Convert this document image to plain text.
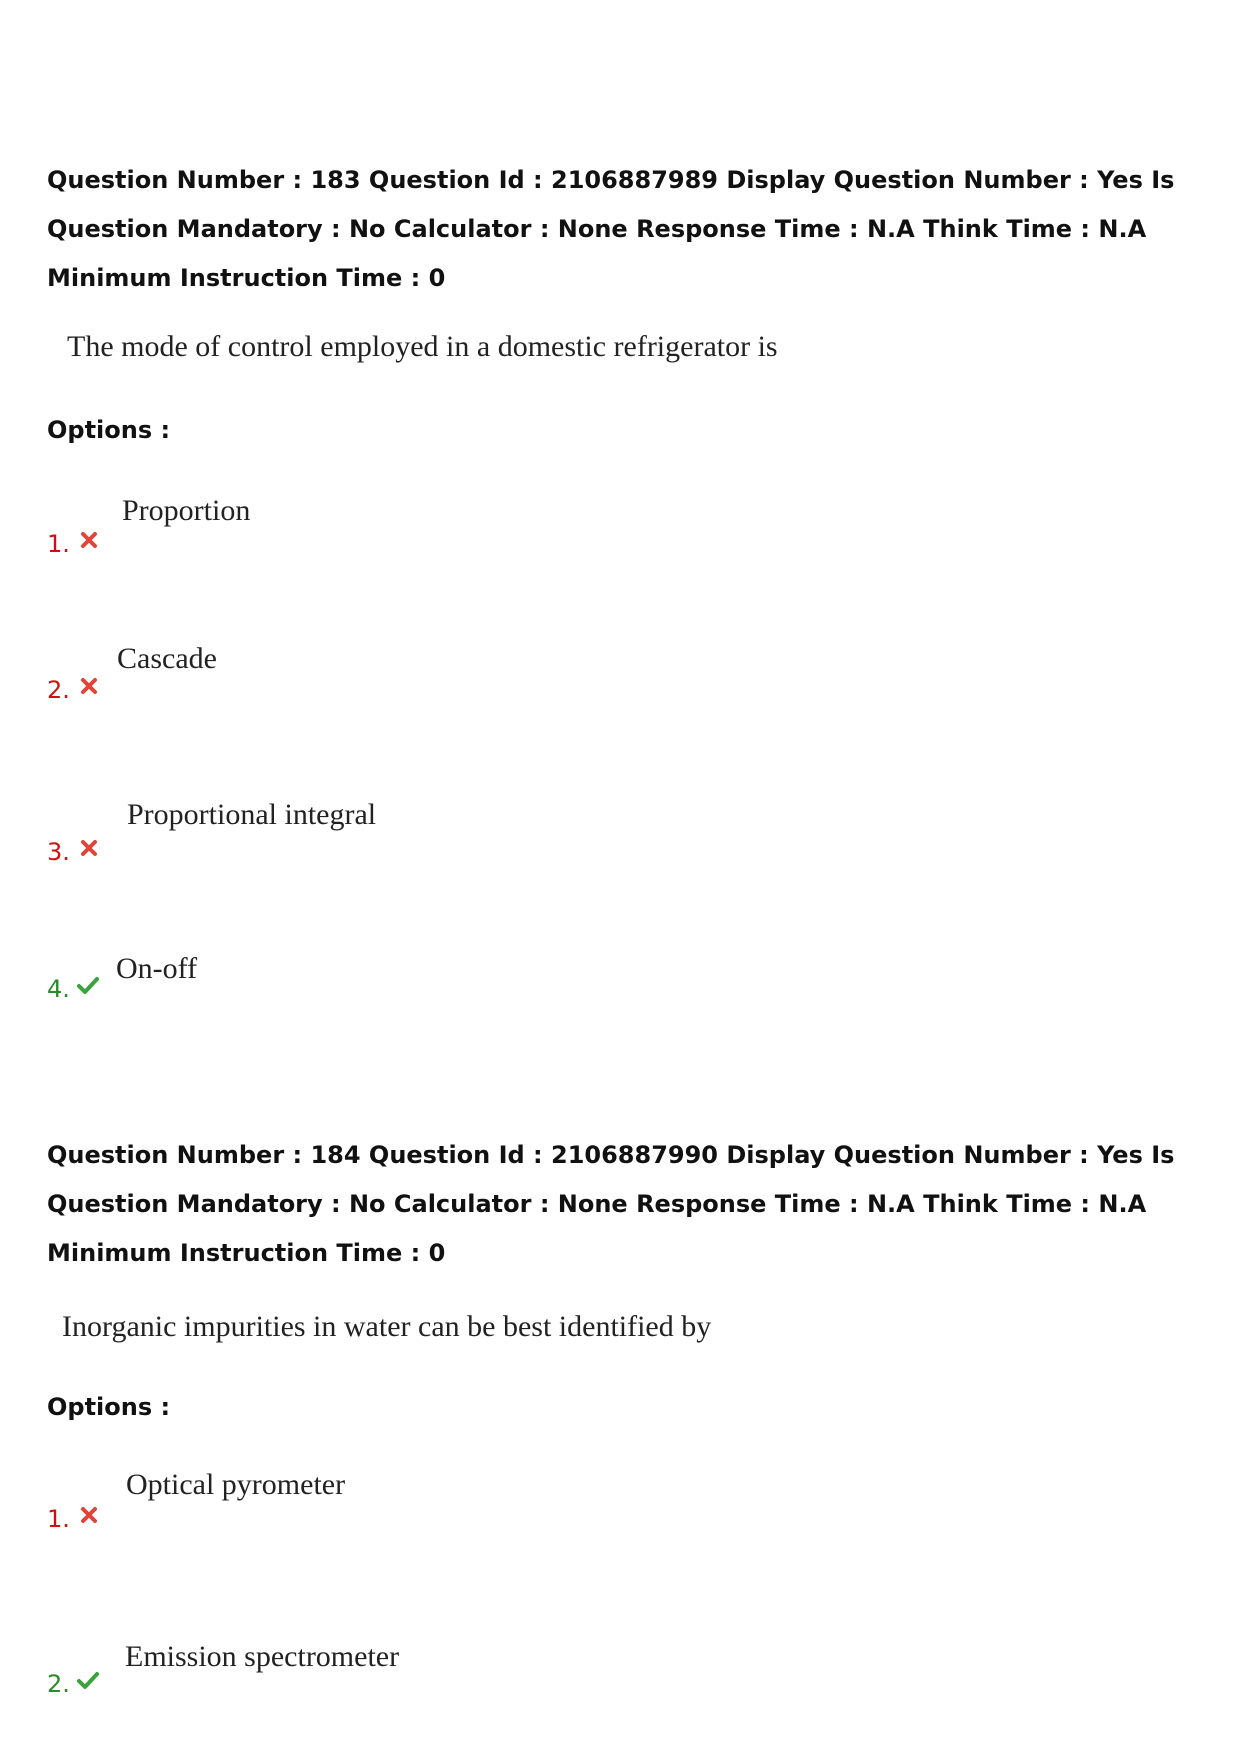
Question Number : 183 Question Id : 2106887989 Display Question Number : Yes Is Question Mandatory : No Calculator : None Response Time : N.A Think Time : N.A Minimum Instruction Time : 0
The mode of control employed in a domestic refrigerator is
Options :
1.
Proportion
2.
Cascade
3.
Proportional integral
4.
On-off
Question Number : 184 Question Id : 2106887990 Display Question Number : Yes Is Question Mandatory : No Calculator : None Response Time : N.A Think Time : N.A Minimum Instruction Time : 0
Inorganic impurities in water can be best identified by
Options :
1.
Optical pyrometer
2.
Emission spectrometer
